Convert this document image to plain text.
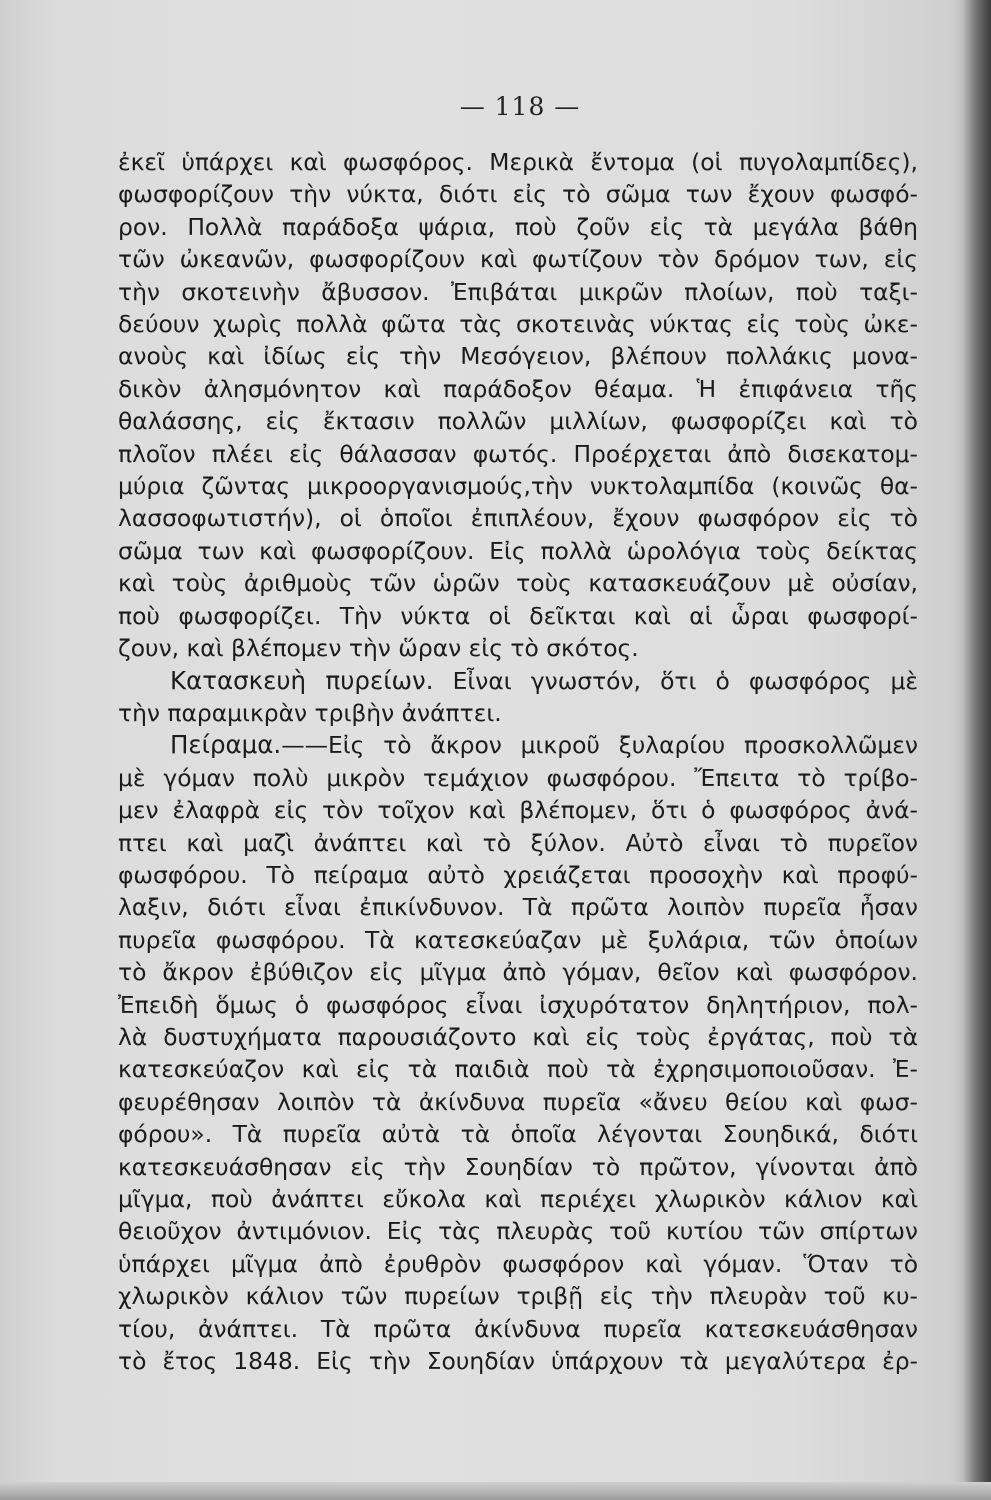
— 118 —
ἐκεῖ ὑπάρχει καὶ φωσφόρος. Μερικὰ ἔντομα (οἱ πυγολαμπίδες),
φωσφορίζουν τὴν νύκτα, διότι εἰς τὸ σῶμα των ἔχουν φωσφό-
ρον. Πολλὰ παράδοξα ψάρια, ποὺ ζοῦν εἰς τὰ μεγάλα βάθη
τῶν ὠκεανῶν, φωσφορίζουν καὶ φωτίζουν τὸν δρόμον των, εἰς
τὴν σκοτεινὴν ἄβυσσον. Ἐπιβάται μικρῶν πλοίων, ποὺ ταξι-
δεύουν χωρὶς πολλὰ φῶτα τὰς σκοτεινὰς νύκτας εἰς τοὺς ὠκε-
ανοὺς καὶ ἰδίως εἰς τὴν Μεσόγειον, βλέπουν πολλάκις μονα-
δικὸν ἀλησμόνητον καὶ παράδοξον θέαμα. Ἡ ἐπιφάνεια τῆς
θαλάσσης, εἰς ἔκτασιν πολλῶν μιλλίων, φωσφορίζει καὶ τὸ
πλοῖον πλέει εἰς θάλασσαν φωτός. Προέρχεται ἀπὸ δισεκατομ-
μύρια ζῶντας μικροοργανισμούς,τὴν νυκτολαμπίδα (κοινῶς θα-
λασσοφωτιστήν), οἱ ὁποῖοι ἐπιπλέουν, ἔχουν φωσφόρον εἰς τὸ
σῶμα των καὶ φωσφορίζουν. Εἰς πολλὰ ὡρολόγια τοὺς δείκτας
καὶ τοὺς ἀριθμοὺς τῶν ὡρῶν τοὺς κατασκευάζουν μὲ οὐσίαν,
ποὺ φωσφορίζει. Τὴν νύκτα οἱ δεῖκται καὶ αἱ ὧραι φωσφορί-
ζουν, καὶ βλέπομεν τὴν ὥραν εἰς τὸ σκότος.
Κατασκευὴ πυρείων. Εἶναι γνωστόν, ὅτι ὁ φωσφόρος μὲ
τὴν παραμικρὰν τριβὴν ἀνάπτει.
Πείραμα.——Εἰς τὸ ἄκρον μικροῦ ξυλαρίου προσκολλῶμεν
μὲ γόμαν πολὺ μικρὸν τεμάχιον φωσφόρου. Ἔπειτα τὸ τρίβο-
μεν ἐλαφρὰ εἰς τὸν τοῖχον καὶ βλέπομεν, ὅτι ὁ φωσφόρος ἀνά-
πτει καὶ μαζὶ ἀνάπτει καὶ τὸ ξύλον. Αὐτὸ εἶναι τὸ πυρεῖον
φωσφόρου. Τὸ πείραμα αὐτὸ χρειάζεται προσοχὴν καὶ προφύ-
λαξιν, διότι εἶναι ἐπικίνδυνον. Τὰ πρῶτα λοιπὸν πυρεῖα ἦσαν
πυρεῖα φωσφόρου. Τὰ κατεσκεύαζαν μὲ ξυλάρια, τῶν ὁποίων
τὸ ἄκρον ἐβύθιζον εἰς μῖγμα ἀπὸ γόμαν, θεῖον καὶ φωσφόρον.
Ἐπειδὴ ὅμως ὁ φωσφόρος εἶναι ἰσχυρότατον δηλητήριον, πολ-
λὰ δυστυχήματα παρουσιάζοντο καὶ εἰς τοὺς ἐργάτας, ποὺ τὰ
κατεσκεύαζον καὶ εἰς τὰ παιδιὰ ποὺ τὰ ἐχρησιμοποιοῦσαν. Ἐ-
φευρέθησαν λοιπὸν τὰ ἀκίνδυνα πυρεῖα «ἄνευ θείου καὶ φωσ-
φόρου». Τὰ πυρεῖα αὐτὰ τὰ ὁποῖα λέγονται Σουηδικά, διότι
κατεσκευάσθησαν εἰς τὴν Σουηδίαν τὸ πρῶτον, γίνονται ἀπὸ
μῖγμα, ποὺ ἀνάπτει εὔκολα καὶ περιέχει χλωρικὸν κάλιον καὶ
θειοῦχον ἀντιμόνιον. Εἰς τὰς πλευρὰς τοῦ κυτίου τῶν σπίρτων
ὑπάρχει μῖγμα ἀπὸ ἐρυθρὸν φωσφόρον καὶ γόμαν. Ὅταν τὸ
χλωρικὸν κάλιον τῶν πυρείων τριβῇ εἰς τὴν πλευρὰν τοῦ κυ-
τίου, ἀνάπτει. Τὰ πρῶτα ἀκίνδυνα πυρεῖα κατεσκευάσθησαν
τὸ ἔτος 1848. Εἰς τὴν Σουηδίαν ὑπάρχουν τὰ μεγαλύτερα ἐρ-
